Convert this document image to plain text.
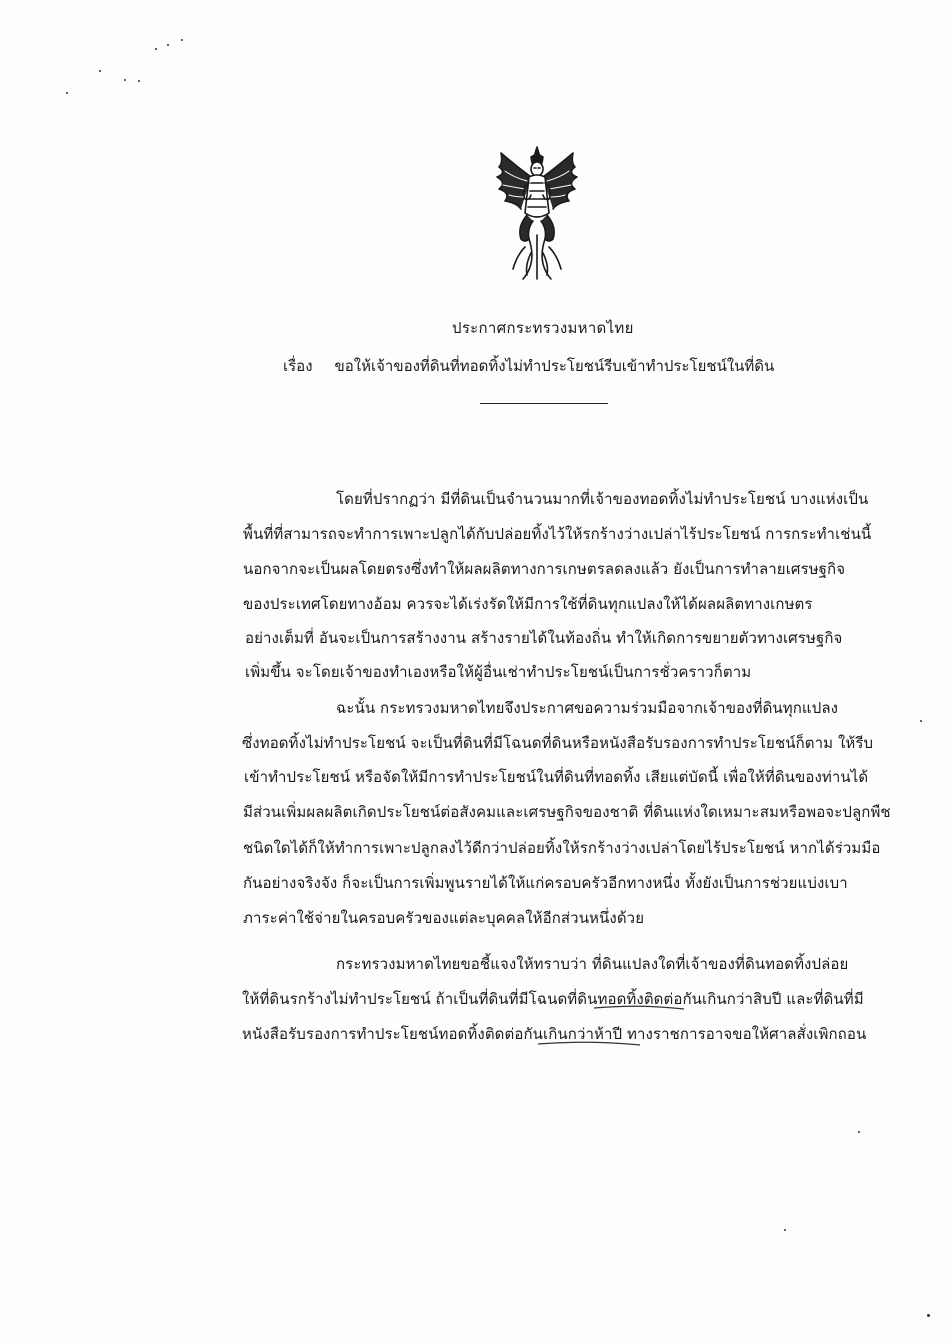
ประกาศกระทรวงมหาดไทย
เรื่อง ขอให้เจ้าของที่ดินที่ทอดทิ้งไม่ทำประโยชน์รีบเข้าทำประโยชน์ในที่ดิน
โดยที่ปรากฏว่า มีที่ดินเป็นจำนวนมากที่เจ้าของทอดทิ้งไม่ทำประโยชน์ บางแห่งเป็น
พื้นที่ที่สามารถจะทำการเพาะปลูกได้กับปล่อยทิ้งไว้ให้รกร้างว่างเปล่าไร้ประโยชน์ การกระทำเช่นนี้
นอกจากจะเป็นผลโดยตรงซึ่งทำให้ผลผลิตทางการเกษตรลดลงแล้ว ยังเป็นการทำลายเศรษฐกิจ
ของประเทศโดยทางอ้อม ควรจะได้เร่งรัดให้มีการใช้ที่ดินทุกแปลงให้ได้ผลผลิตทางเกษตร
อย่างเต็มที่ อันจะเป็นการสร้างงาน สร้างรายได้ในท้องถิ่น ทำให้เกิดการขยายตัวทางเศรษฐกิจ
เพิ่มขึ้น จะโดยเจ้าของทำเองหรือให้ผู้อื่นเช่าทำประโยชน์เป็นการชั่วคราวก็ตาม
ฉะนั้น กระทรวงมหาดไทยจึงประกาศขอความร่วมมือจากเจ้าของที่ดินทุกแปลง
ซึ่งทอดทิ้งไม่ทำประโยชน์ จะเป็นที่ดินที่มีโฉนดที่ดินหรือหนังสือรับรองการทำประโยชน์ก็ตาม ให้รีบ
เข้าทำประโยชน์ หรือจัดให้มีการทำประโยชน์ในที่ดินที่ทอดทิ้ง เสียแต่บัดนี้ เพื่อให้ที่ดินของท่านได้
มีส่วนเพิ่มผลผลิตเกิดประโยชน์ต่อสังคมและเศรษฐกิจของชาติ ที่ดินแห่งใดเหมาะสมหรือพอจะปลูกพืช
ชนิดใดได้ก็ให้ทำการเพาะปลูกลงไว้ดีกว่าปล่อยทิ้งให้รกร้างว่างเปล่าโดยไร้ประโยชน์ หากได้ร่วมมือ
กันอย่างจริงจัง ก็จะเป็นการเพิ่มพูนรายได้ให้แก่ครอบครัวอีกทางหนึ่ง ทั้งยังเป็นการช่วยแบ่งเบา
ภาระค่าใช้จ่ายในครอบครัวของแต่ละบุคคลให้อีกส่วนหนึ่งด้วย
กระทรวงมหาดไทยขอชี้แจงให้ทราบว่า ที่ดินแปลงใดที่เจ้าของที่ดินทอดทิ้งปล่อย
ให้ที่ดินรกร้างไม่ทำประโยชน์ ถ้าเป็นที่ดินที่มีโฉนดที่ดินทอดทิ้งติดต่อกันเกินกว่าสิบปี และที่ดินที่มี
หนังสือรับรองการทำประโยชน์ทอดทิ้งติดต่อกันเกินกว่าห้าปี ทางราชการอาจขอให้ศาลสั่งเพิกถอน
